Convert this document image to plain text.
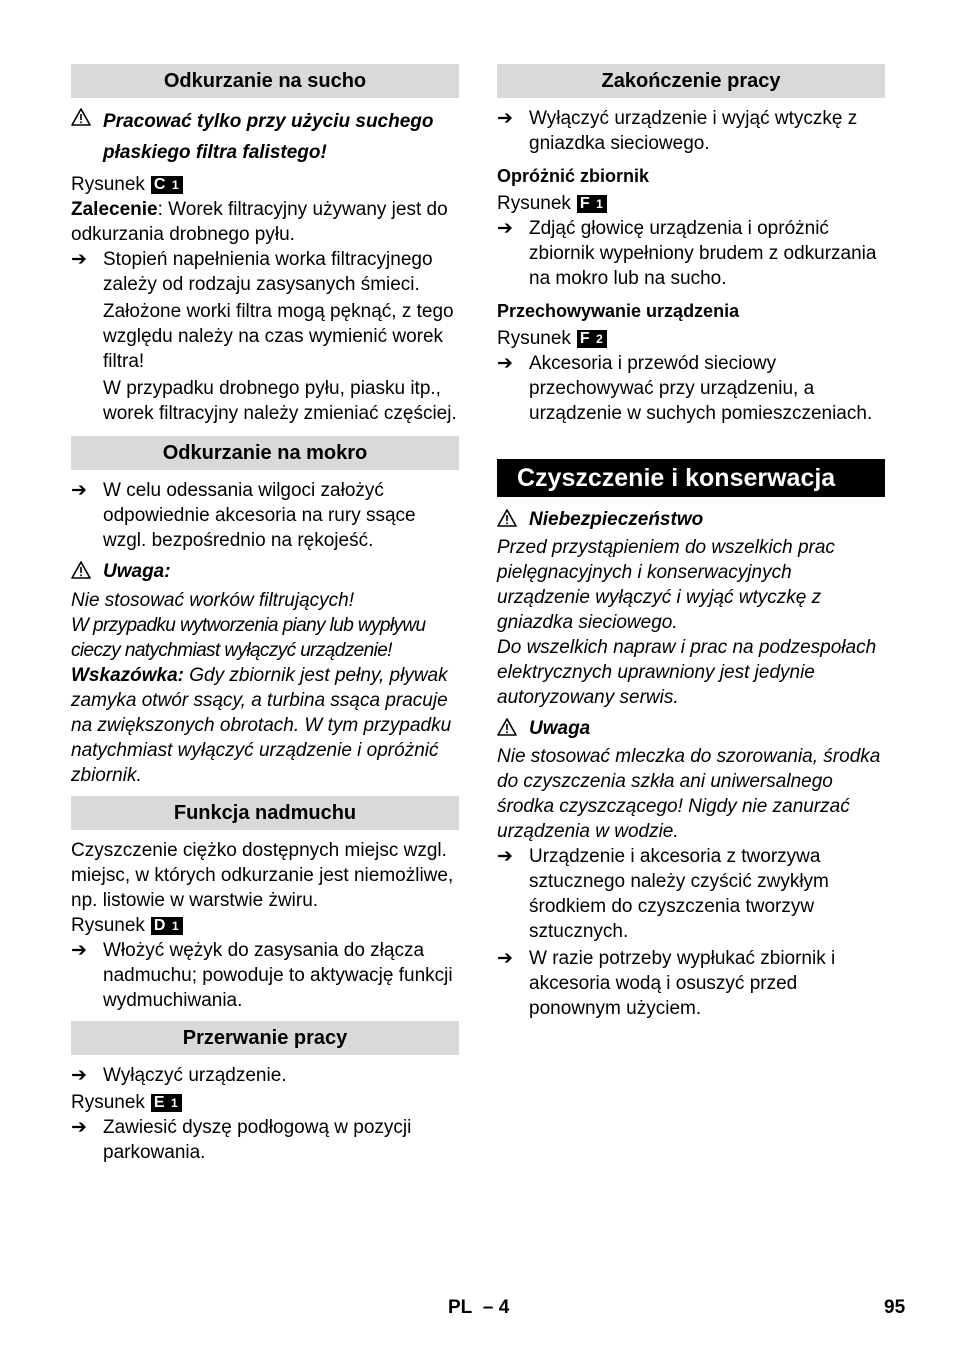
Odkurzanie na sucho
Pracować tylko przy użyciu suchego płaskiego filtra falistego!

Rysunek C 1

Zalecenie: Worek filtracyjny używany jest do odkurzania drobnego pyłu.

➔ Stopień napełnienia worka filtracyjnego zależy od rodzaju zasysanych śmieci.

Założone worki filtra mogą pęknąć, z tego względu należy na czas wymienić worek filtra!

W przypadku drobnego pyłu, piasku itp., worek filtracyjny należy zmieniać częściej.

Odkurzanie na mokro
➔ W celu odessania wilgoci założyć odpowiednie akcesoria na rury ssące wzgl. bezpośrednio na rękojeść.
Uwaga:

Nie stosować worków filtrujących!

W przypadku wytworzenia piany lub wypływu cieczy natychmiast wyłączyć urządzenie!

Wskazówka: Gdy zbiornik jest pełny, pływak zamyka otwór ssący, a turbina ssąca pracuje na zwiększonych obrotach. W tym przypadku natychmiast wyłączyć urządzenie i opróżnić zbiornik.

Funkcja nadmuchu

Czyszczenie ciężko dostępnych miejsc wzgl. miejsc, w których odkurzanie jest niemożliwe, np. listowie w warstwie żwiru.

Rysunek D 1

➔ Włożyć wężyk do zasysania do złącza nadmuchu; powoduje to aktywację funkcji wydmuchiwania.
Przerwanie pracy
➔ Wyłączyć urządzenie.

Rysunek E 1

➔ Zawiesić dyszę podłogową w pozycji parkowania.
Zakończenie pracy
➔ Wyłączyć urządzenie i wyjąć wtyczkę z gniazdka sieciowego.

Opróżnić zbiornik

Rysunek F 1

➔ Zdjąć głowicę urządzenia i opróżnić zbiornik wypełniony brudem z odkurzania na mokro lub na sucho.

Przechowywanie urządzenia

Rysunek F 2

➔ Akcesoria i przewód sieciowy przechowywać przy urządzeniu, a urządzenie w suchych pomieszczeniach.
Czyszczenie i konserwacja
Niebezpieczeństwo

Przed przystąpieniem do wszelkich prac pielęgnacyjnych i konserwacyjnych urządzenie wyłączyć i wyjąć wtyczkę z gniazdka sieciowego.

Do wszelkich napraw i prac na podzespołach elektrycznych uprawniony jest jedynie autoryzowany serwis.

Uwaga

Nie stosować mleczka do szorowania, środka do czyszczenia szkła ani uniwersalnego środka czyszczącego! Nigdy nie zanurzać urządzenia w wodzie.

➔ Urządzenie i akcesoria z tworzywa sztucznego należy czyścić zwykłym środkiem do czyszczenia tworzyw sztucznych.
➔ W razie potrzeby wypłukać zbiornik i akcesoria wodą i osuszyć przed ponownym użyciem.
PL – 4	95
